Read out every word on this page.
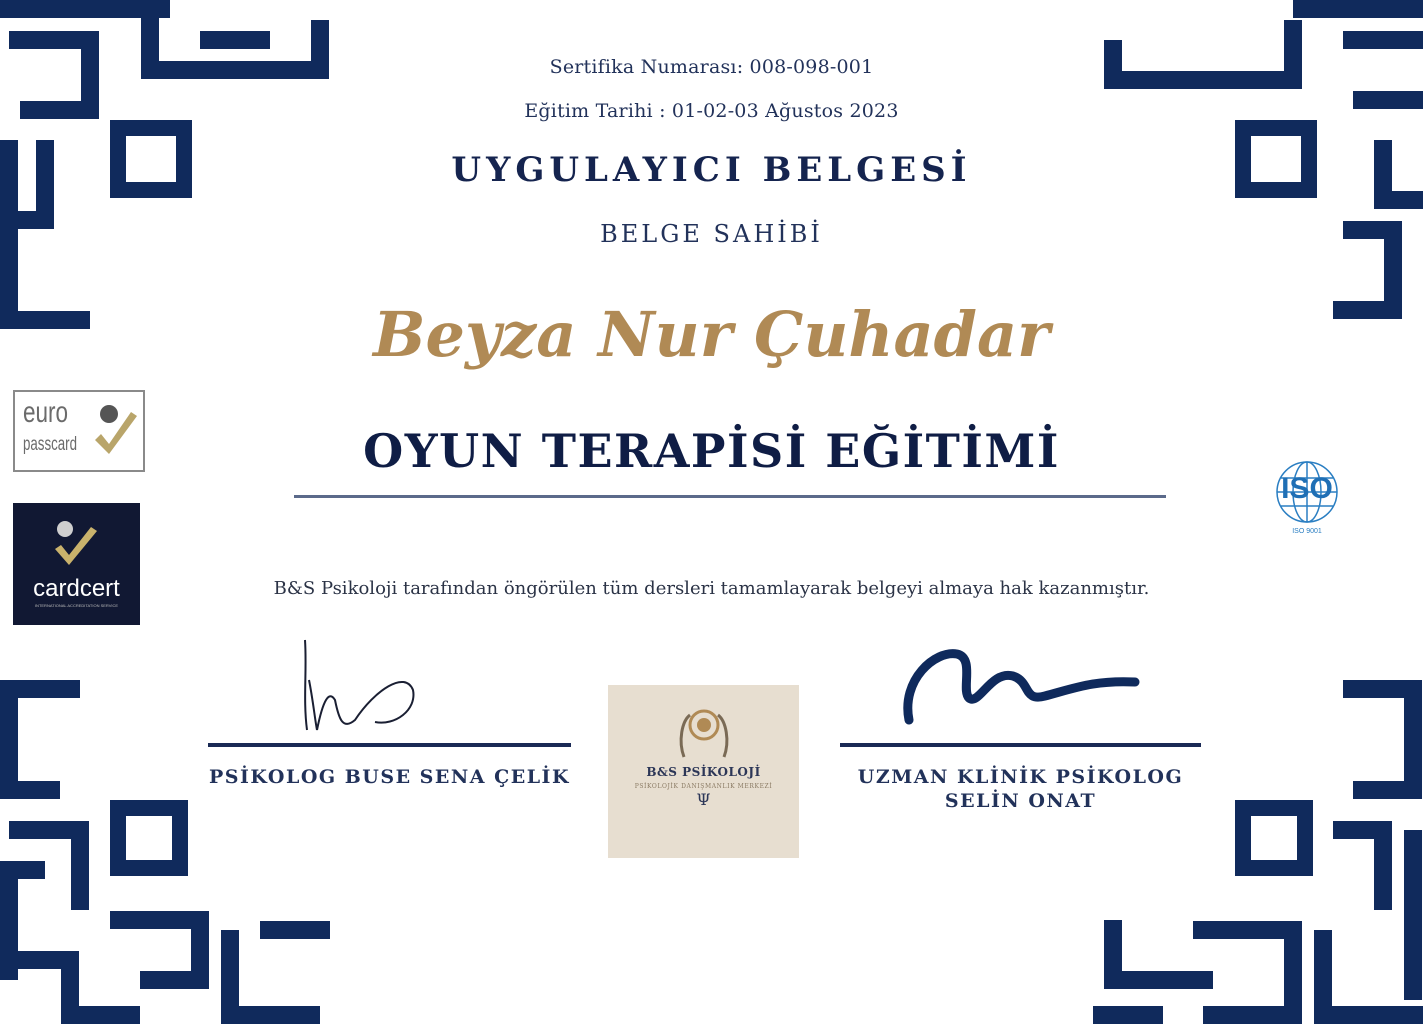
Sertifika Numarası: 008-098-001
Eğitim Tarihi : 01-02-03 Ağustos 2023
UYGULAYICI BELGESİ
BELGE SAHİBİ
Beyza Nur Çuhadar
OYUN TERAPİSİ EĞİTİMİ
B&S Psikoloji tarafından öngörülen tüm dersleri tamamlayarak belgeyi almaya hak kazanmıştır.
euro
passcard
cardcert
INTERNATIONAL ACCREDITATION SERVICE
ISO
ISO 9001
PSİKOLOG BUSE SENA ÇELİK	UZMAN KLİNİK PSİKOLOG
SELİN ONAT
B&S PSİKOLOJİ
PSİKOLOJİK DANIŞMANLIK MERKEZİ
Ψ
